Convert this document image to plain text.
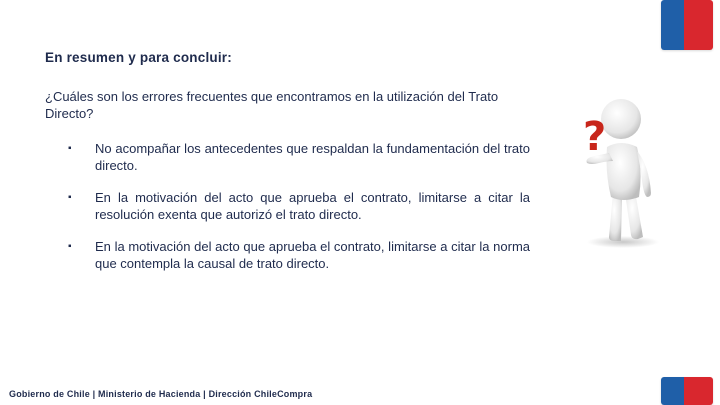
En resumen y para concluir:
¿Cuáles son los errores frecuentes que encontramos en la utilización del Trato Directo?
▪ No acompañar los antecedentes que respaldan la fundamentación del trato directo.
▪ En la motivación del acto que aprueba el contrato, limitarse a citar la resolución exenta que autorizó el trato directo.
▪ En la motivación del acto que aprueba el contrato, limitarse a citar la norma que contempla la causal de trato directo.
?
Gobierno de Chile | Ministerio de Hacienda | Dirección ChileCompra
